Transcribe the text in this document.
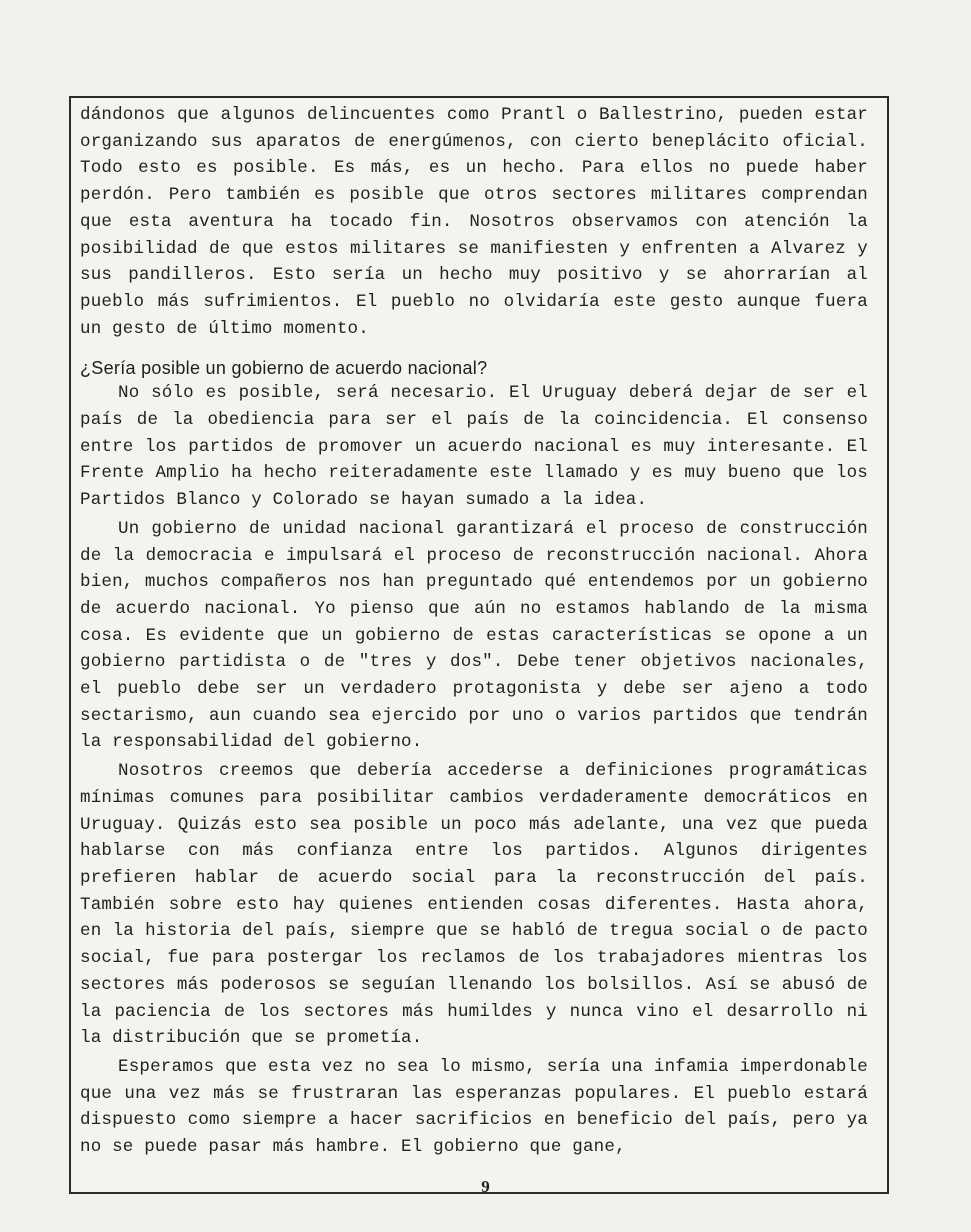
dándonos que algunos delincuentes como Prantl o Ballestrino, pueden estar organizando sus aparatos de energúmenos, con cierto beneplácito oficial. Todo esto es posible. Es más, es un hecho. Para ellos no puede haber perdón. Pero también es posible que otros sectores militares comprendan que esta aventura ha tocado fin. Nosotros observamos con atención la posibilidad de que estos militares se manifiesten y enfrenten a Alvarez y sus pandilleros. Esto sería un hecho muy positivo y se ahorrarían al pueblo más sufrimientos. El pueblo no olvidaría este gesto aunque fuera un gesto de último momento.

¿Sería posible un gobierno de acuerdo nacional?

No sólo es posible, será necesario. El Uruguay deberá dejar de ser el país de la obediencia para ser el país de la coincidencia. El consenso entre los partidos de promover un acuerdo nacional es muy interesante. El Frente Amplio ha hecho reiteradamente este llamado y es muy bueno que los Partidos Blanco y Colorado se hayan sumado a la idea.

Un gobierno de unidad nacional garantizará el proceso de construcción de la democracia e impulsará el proceso de reconstrucción nacional. Ahora bien, muchos compañeros nos han preguntado qué entendemos por un gobierno de acuerdo nacional. Yo pienso que aún no estamos hablando de la misma cosa. Es evidente que un gobierno de estas características se opone a un gobierno partidista o de "tres y dos". Debe tener objetivos nacionales, el pueblo debe ser un verdadero protagonista y debe ser ajeno a todo sectarismo, aun cuando sea ejercido por uno o varios partidos que tendrán la responsabilidad del gobierno.

Nosotros creemos que debería accederse a definiciones programáticas mínimas comunes para posibilitar cambios verdaderamente democráticos en Uruguay. Quizás esto sea posible un poco más adelante, una vez que pueda hablarse con más confianza entre los partidos. Algunos dirigentes prefieren hablar de acuerdo social para la reconstrucción del país. También sobre esto hay quienes entienden cosas diferentes. Hasta ahora, en la historia del país, siempre que se habló de tregua social o de pacto social, fue para postergar los reclamos de los trabajadores mientras los sectores más poderosos se seguían llenando los bolsillos. Así se abusó de la paciencia de los sectores más humildes y nunca vino el desarrollo ni la distribución que se prometía.

Esperamos que esta vez no sea lo mismo, sería una infamia imperdonable que una vez más se frustraran las esperanzas populares. El pueblo estará dispuesto como siempre a hacer sacrificios en beneficio del país, pero ya no se puede pasar más hambre. El gobierno que gane,

9
